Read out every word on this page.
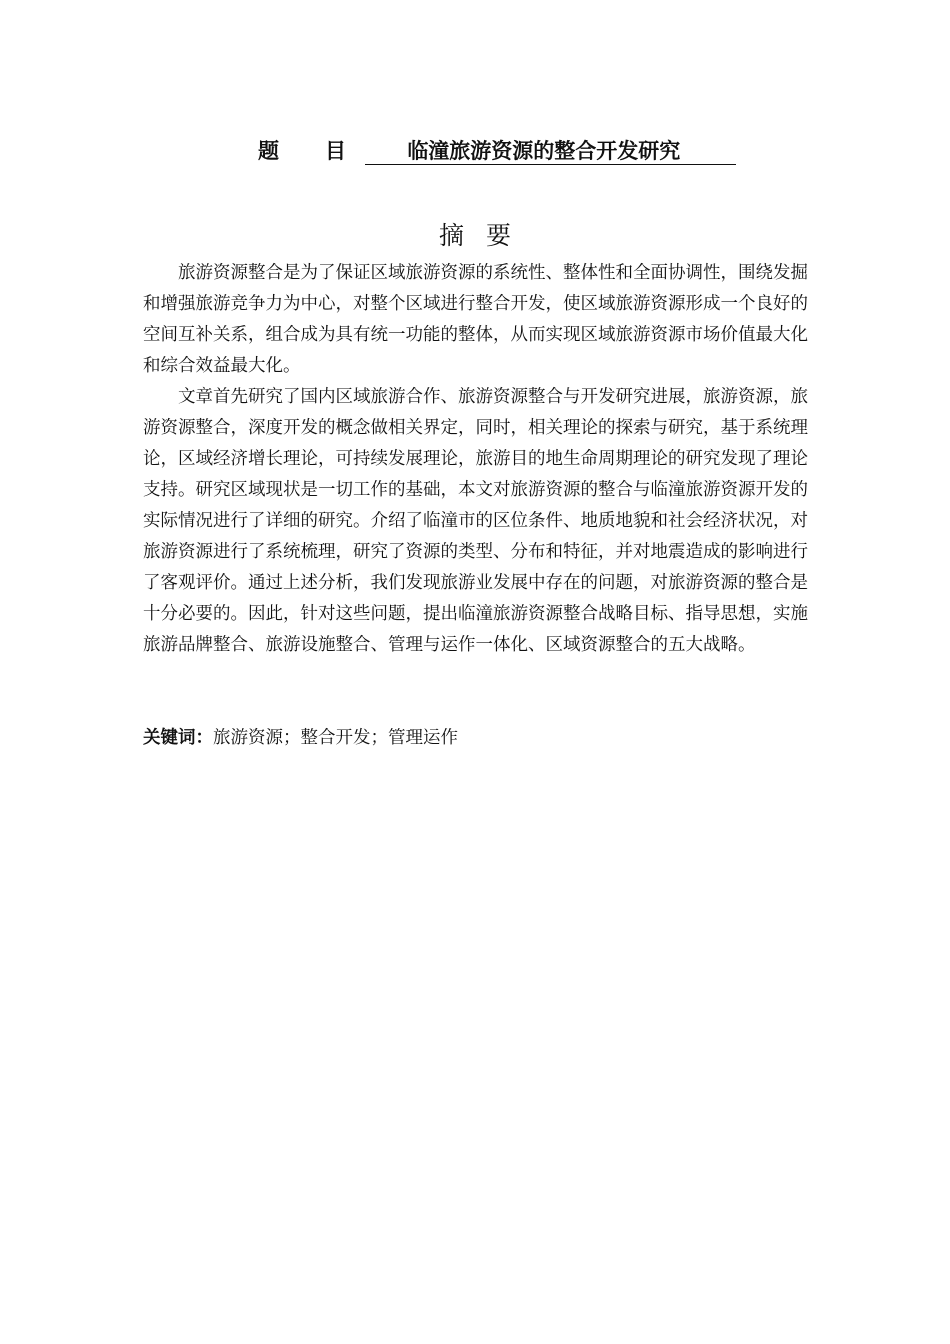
题目 临潼旅游资源的整合开发研究
摘要

旅游资源整合是为了保证区域旅游资源的系统性、整体性和全面协调性，围绕发掘和增强旅游竞争力为中心，对整个区域进行整合开发，使区域旅游资源形成一个良好的空间互补关系，组合成为具有统一功能的整体，从而实现区域旅游资源市场价值最大化和综合效益最大化。

文章首先研究了国内区域旅游合作、旅游资源整合与开发研究进展，旅游资源，旅游资源整合，深度开发的概念做相关界定，同时，相关理论的探索与研究，基于系统理论，区域经济增长理论，可持续发展理论，旅游目的地生命周期理论的研究发现了理论支持。研究区域现状是一切工作的基础，本文对旅游资源的整合与临潼旅游资源开发的实际情况进行了详细的研究。介绍了临潼市的区位条件、地质地貌和社会经济状况，对旅游资源进行了系统梳理，研究了资源的类型、分布和特征，并对地震造成的影响进行了客观评价。通过上述分析，我们发现旅游业发展中存在的问题，对旅游资源的整合是十分必要的。因此，针对这些问题，提出临潼旅游资源整合战略目标、指导思想，实施旅游品牌整合、旅游设施整合、管理与运作一体化、区域资源整合的五大战略。

关键词：旅游资源；整合开发；管理运作
